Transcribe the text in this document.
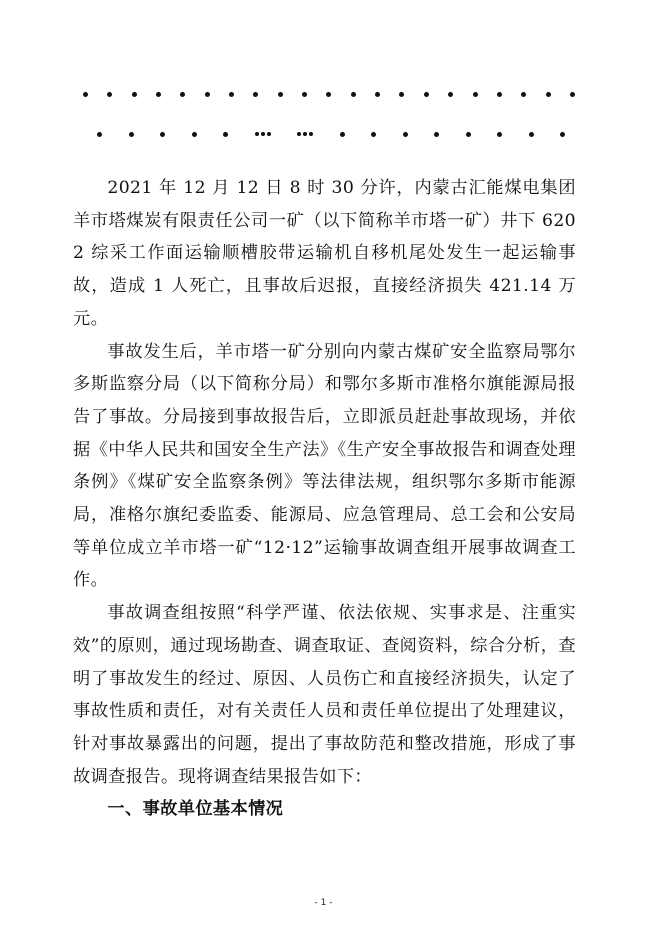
2021 年 12 月 12 日 8 时 30 分许，内蒙古汇能煤电集团羊市塔煤炭有限责任公司一矿（以下简称羊市塔一矿）井下 6202 综采工作面运输顺槽胶带运输机自移机尾处发生一起运输事故，造成 1 人死亡，且事故后迟报，直接经济损失 421.14 万元。

事故发生后，羊市塔一矿分别向内蒙古煤矿安全监察局鄂尔多斯监察分局（以下简称分局）和鄂尔多斯市准格尔旗能源局报告了事故。分局接到事故报告后，立即派员赶赴事故现场，并依据《中华人民共和国安全生产法》《生产安全事故报告和调查处理条例》《煤矿安全监察条例》等法律法规，组织鄂尔多斯市能源局，准格尔旗纪委监委、能源局、应急管理局、总工会和公安局等单位成立羊市塔一矿“12·12”运输事故调查组开展事故调查工作。

事故调查组按照“科学严谨、依法依规、实事求是、注重实效”的原则，通过现场勘查、调查取证、查阅资料，综合分析，查明了事故发生的经过、原因、人员伤亡和直接经济损失，认定了事故性质和责任，对有关责任人员和责任单位提出了处理建议，针对事故暴露出的问题，提出了事故防范和整改措施，形成了事故调查报告。现将调查结果报告如下：

一、事故单位基本情况

- 1 -
